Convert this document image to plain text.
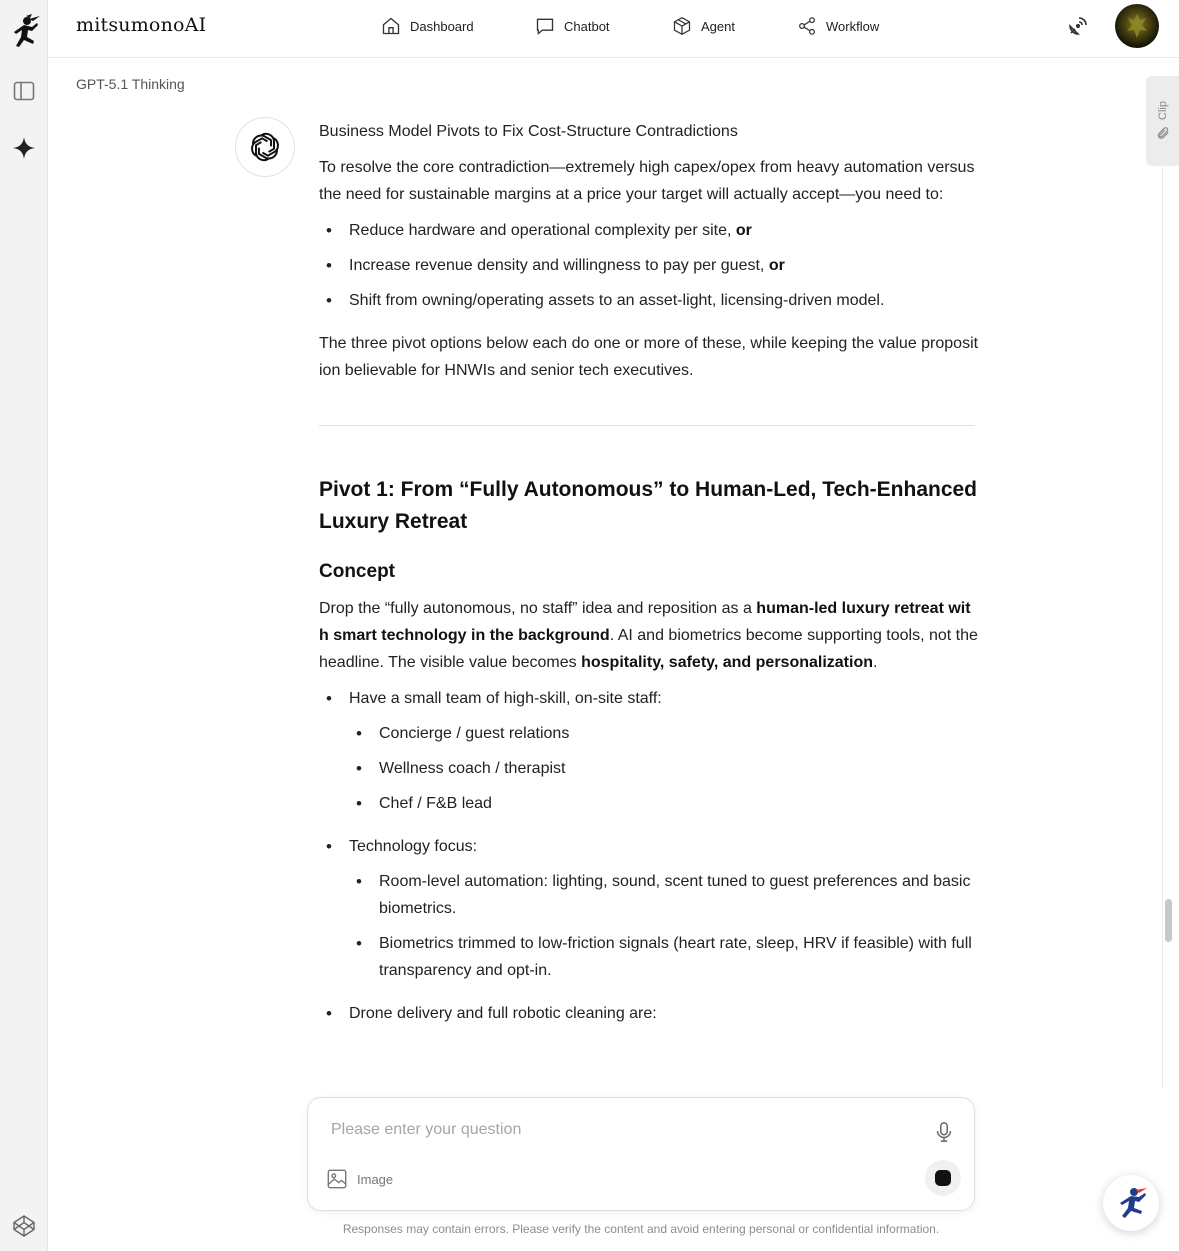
mitsumonoAI	Dashboard	Chatbot	Agent	Workflow
GPT-5.1 Thinking

Business Model Pivots to Fix Cost-Structure Contradictions

To resolve the core contradiction—extremely high capex/opex from heavy automation versus the need for sustainable margins at a price your target will actually accept—you need to:

• Reduce hardware and operational complexity per site, or
• Increase revenue density and willingness to pay per guest, or
• Shift from owning/operating assets to an asset-light, licensing-driven model.

The three pivot options below each do one or more of these, while keeping the value proposition believable for HNWIs and senior tech executives.

Pivot 1: From “Fully Autonomous” to Human-Led, Tech-Enhanced Luxury Retreat
Concept

Drop the “fully autonomous, no staff” idea and reposition as a human-led luxury retreat with smart technology in the background. AI and biometrics become supporting tools, not the headline. The visible value becomes hospitality, safety, and personalization.

• Have a small team of high-skill, on-site staff:
• Concierge / guest relations
• Wellness coach / therapist
• Chef / F&B lead
• Technology focus:
• Room-level automation: lighting, sound, scent tuned to guest preferences and basic biometrics.
• Biometrics trimmed to low-friction signals (heart rate, sleep, HRV if feasible) with full transparency and opt-in.
• Drone delivery and full robotic cleaning are:
Clip
Please enter your question
Image
Responses may contain errors. Please verify the content and avoid entering personal or confidential information.
